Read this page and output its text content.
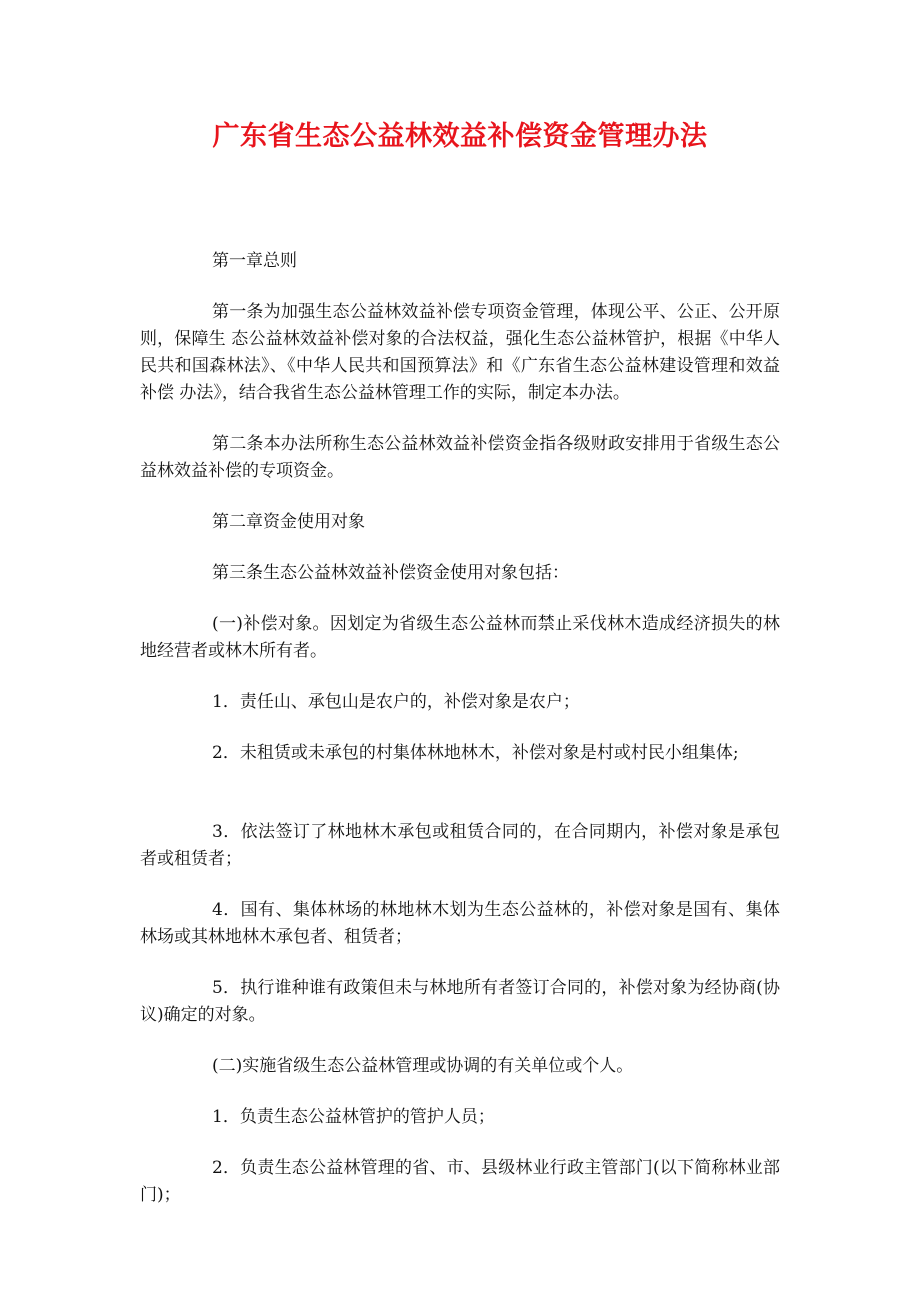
广东省生态公益林效益补偿资金管理办法

第一章总则

第一条为加强生态公益林效益补偿专项资金管理，体现公平、公正、公开原则，保障生 态公益林效益补偿对象的合法权益，强化生态公益林管护，根据《中华人民共和国森林法》、《中华人民共和国预算法》和《广东省生态公益林建设管理和效益补偿 办法》，结合我省生态公益林管理工作的实际，制定本办法。

第二条本办法所称生态公益林效益补偿资金指各级财政安排用于省级生态公益林效益补偿的专项资金。

第二章资金使用对象

第三条生态公益林效益补偿资金使用对象包括：

(一)补偿对象。因划定为省级生态公益林而禁止采伐林木造成经济损失的林地经营者或林木所有者。

1．责任山、承包山是农户的，补偿对象是农户；

2．未租赁或未承包的村集体林地林木，补偿对象是村或村民小组集体;

3．依法签订了林地林木承包或租赁合同的，在合同期内，补偿对象是承包者或租赁者；

4．国有、集体林场的林地林木划为生态公益林的，补偿对象是国有、集体林场或其林地林木承包者、租赁者；

5．执行谁种谁有政策但未与林地所有者签订合同的，补偿对象为经协商(协议)确定的对象。

(二)实施省级生态公益林管理或协调的有关单位或个人。

1．负责生态公益林管护的管护人员；

2．负责生态公益林管理的省、市、县级林业行政主管部门(以下简称林业部门)；
